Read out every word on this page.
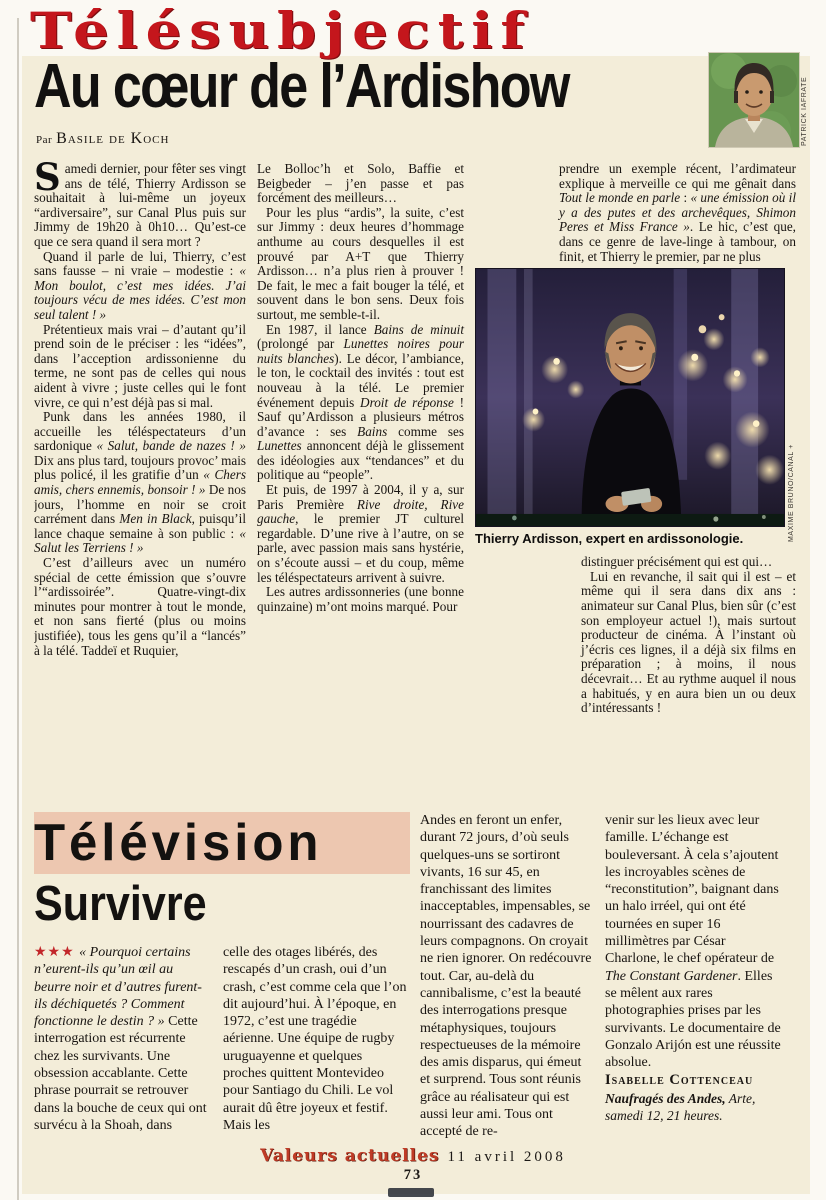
Télésubjectif
Au cœur de l’Ardishow
Par Basile de Koch	PATRICK IAFRATE

Samedi dernier, pour fêter ses vingt ans de télé, Thierry Ardisson se souhaitait à lui-même un joyeux “ardiversaire”, sur Canal Plus puis sur Jimmy de 19h20 à 0h10… Qu’est-ce que ce sera quand il sera mort ?

Quand il parle de lui, Thierry, c’est sans fausse – ni vraie – modestie : « Mon boulot, c’est mes idées. J’ai toujours vécu de mes idées. C’est mon seul talent ! »

Prétentieux mais vrai – d’autant qu’il prend soin de le préciser : les “idées”, dans l’acception ardissonienne du terme, ne sont pas de celles qui nous aident à vivre ; juste celles qui le font vivre, ce qui n’est déjà pas si mal.

Punk dans les années 1980, il accueille les téléspectateurs d’un sardonique « Salut, bande de nazes ! » Dix ans plus tard, toujours provoc’ mais plus policé, il les gratifie d’un « Chers amis, chers ennemis, bonsoir ! » De nos jours, l’homme en noir se croit carrément dans Men in Black, puisqu’il lance chaque semaine à son public : « Salut les Terriens ! »

C’est d’ailleurs avec un numéro spécial de cette émission que s’ouvre l’“ardissoirée”. Quatre-vingt-dix minutes pour montrer à tout le monde, et non sans fierté (plus ou moins justifiée), tous les gens qu’il a “lancés” à la télé. Taddeï et Ruquier,

Le Bolloc’h et Solo, Baffie et Beigbeder – j’en passe et pas forcément des meilleurs…

Pour les plus “ardis”, la suite, c’est sur Jimmy : deux heures d’hommage anthume au cours desquelles il est prouvé par A+T que Thierry Ardisson… n’a plus rien à prouver ! De fait, le mec a fait bouger la télé, et souvent dans le bon sens. Deux fois surtout, me semble-t-il.

En 1987, il lance Bains de minuit (prolongé par Lunettes noires pour nuits blanches). Le décor, l’ambiance, le ton, le cocktail des invités : tout est nouveau à la télé. Le premier événement depuis Droit de réponse ! Sauf qu’Ardisson a plusieurs métros d’avance : ses Bains comme ses Lunettes annoncent déjà le glissement des idéologies aux “tendances” et du politique au “people”.

Et puis, de 1997 à 2004, il y a, sur Paris Première Rive droite, Rive gauche, le premier JT culturel regardable. D’une rive à l’autre, on se parle, avec passion mais sans hystérie, on s’écoute aussi – et du coup, même les téléspectateurs arrivent à suivre.

Les autres ardissonneries (une bonne quinzaine) m’ont moins marqué. Pour

prendre un exemple récent, l’ardimateur explique à merveille ce qui me gênait dans Tout le monde en parle : « une émission où il y a des putes et des archevêques, Shimon Peres et Miss France ». Le hic, c’est que, dans ce genre de lave-linge à tambour, on finit, et Thierry le premier, par ne plus

MAXIME BRUNO/CANAL +
Thierry Ardisson, expert en ardissonologie.

distinguer précisément qui est qui…

Lui en revanche, il sait qui il est – et même qui il sera dans dix ans : animateur sur Canal Plus, bien sûr (c’est son employeur actuel !), mais surtout producteur de cinéma. À l’instant où j’écris ces lignes, il a déjà six films en préparation ; à moins, il nous décevrait… Et au rythme auquel il nous a habitués, y en aura bien un ou deux d’intéressants !

Télévision
Survivre

★★★ « Pourquoi certains n’eurent-ils qu’un œil au beurre noir et d’autres furent-ils déchiquetés ? Comment fonctionne le destin ? » Cette interrogation est récurrente chez les survivants. Une obsession accablante. Cette phrase pourrait se retrouver dans la bouche de ceux qui ont survécu à la Shoah, dans

celle des otages libérés, des rescapés d’un crash, oui d’un crash, c’est comme cela que l’on dit aujourd’hui. À l’époque, en 1972, c’est une tragédie aérienne. Une équipe de rugby uruguayenne et quelques proches quittent Montevideo pour Santiago du Chili. Le vol aurait dû être joyeux et festif. Mais les

Andes en feront un enfer, durant 72 jours, d’où seuls quelques-uns se sortiront vivants, 16 sur 45, en franchissant des limites inacceptables, impensables, se nourrissant des cadavres de leurs compagnons. On croyait ne rien ignorer. On redécouvre tout. Car, au-delà du cannibalisme, c’est la beauté des interrogations presque métaphysiques, toujours respectueuses de la mémoire des amis disparus, qui émeut et surprend. Tous sont réunis grâce au réalisateur qui est aussi leur ami. Tous ont accepté de re-

venir sur les lieux avec leur famille. L’échange est bouleversant. À cela s’ajoutent les incroyables scènes de “reconstitution”, baignant dans un halo irréel, qui ont été tournées en super 16 millimètres par César Charlone, le chef opérateur de The Constant Gardener. Elles se mêlent aux rares photographies prises par les survivants. Le documentaire de Gonzalo Arijón est une réussite absolue.

Isabelle Cottenceau

Naufragés des Andes, Arte, samedi 12, 21 heures.

Valeurs actuelles 11 avril 2008
73
